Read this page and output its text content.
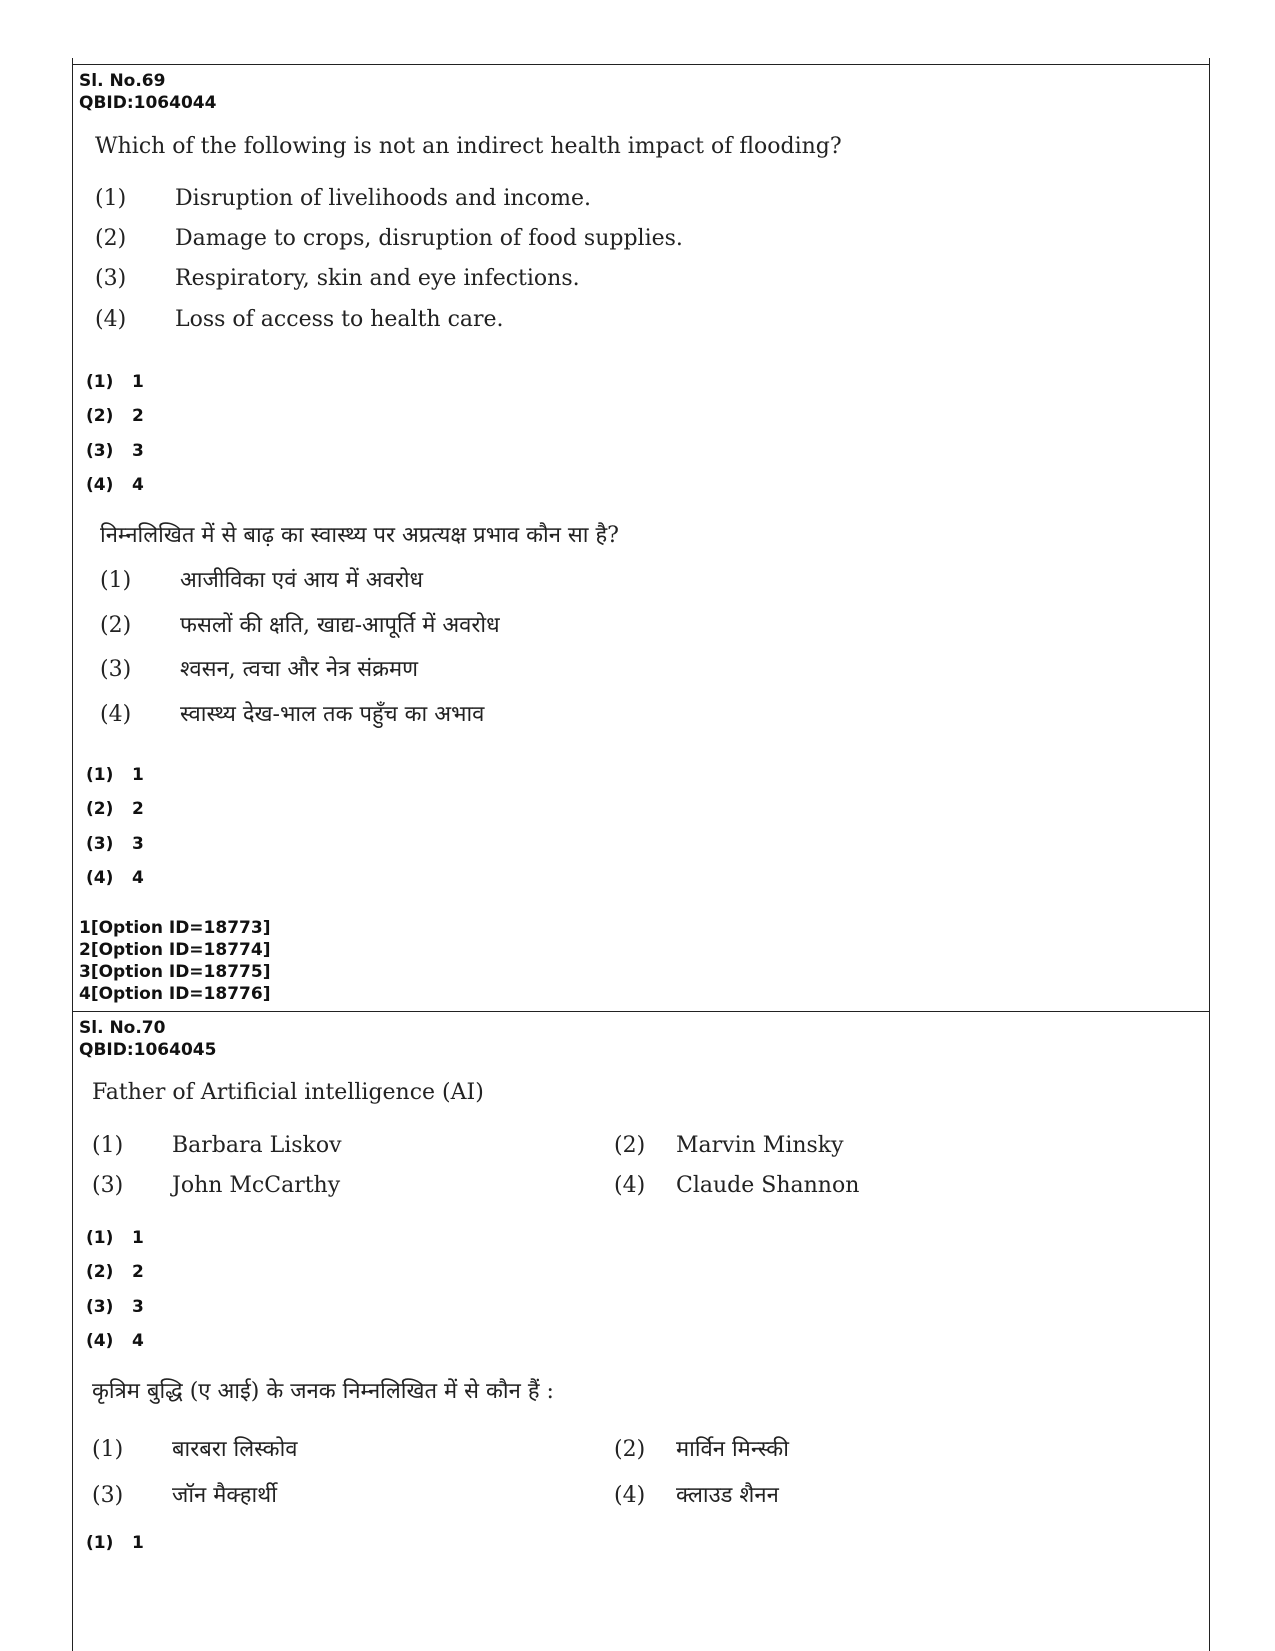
Sl. No.69
QBID:1064044
Which of the following is not an indirect health impact of flooding?
(1) Disruption of livelihoods and income.
(2) Damage to crops, disruption of food supplies.
(3) Respiratory, skin and eye infections.
(4) Loss of access to health care.
(1) 1
(2) 2
(3) 3
(4) 4
निम्नलिखित में से बाढ़ का स्वास्थ्य पर अप्रत्यक्ष प्रभाव कौन सा है?
(1) आजीविका एवं आय में अवरोध
(2) फसलों की क्षति, खाद्य-आपूर्ति में अवरोध
(3) श्वसन, त्वचा और नेत्र संक्रमण
(4) स्वास्थ्य देख-भाल तक पहुँच का अभाव
(1) 1
(2) 2
(3) 3
(4) 4
1[Option ID=18773]
2[Option ID=18774]
3[Option ID=18775]
4[Option ID=18776]
Sl. No.70
QBID:1064045
Father of Artificial intelligence (AI)
(1) Barbara Liskov	(2) Marvin Minsky
(3) John McCarthy	(4) Claude Shannon
(1) 1
(2) 2
(3) 3
(4) 4
कृत्रिम बुद्धि (ए आई) के जनक निम्नलिखित में से कौन हैं :
(1) बारबरा लिस्कोव	(2) मार्विन मिन्स्की
(3) जॉन मैक्हार्थी	(4) क्लाउड शैनन
(1) 1
